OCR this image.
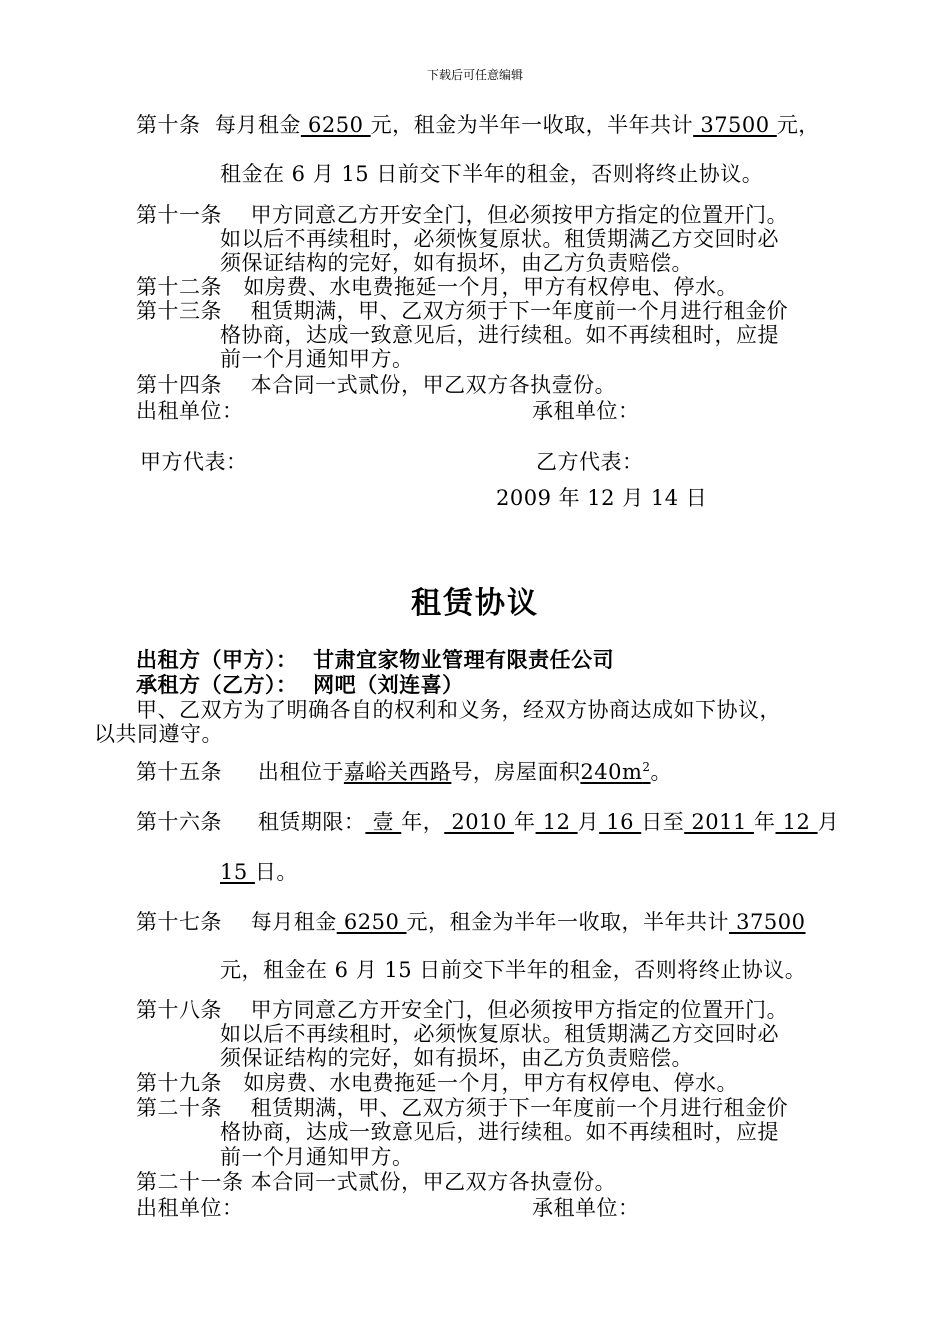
下载后可任意编辑
第十条 每月租金 6250 元，租金为半年一收取，半年共计 37500 元，
租金在 6 月 15 日前交下半年的租金，否则将终止协议。
第十一条　 甲方同意乙方开安全门，但必须按甲方指定的位置开门。
如以后不再续租时，必须恢复原状。租赁期满乙方交回时必
须保证结构的完好，如有损坏，由乙方负责赔偿。
第十二条　如房费、水电费拖延一个月，甲方有权停电、停水。
第十三条　 租赁期满，甲、乙双方须于下一年度前一个月进行租金价
格协商，达成一致意见后，进行续租。如不再续租时，应提
前一个月通知甲方。
第十四条　 本合同一式贰份，甲乙双方各执壹份。
出租单位：	承租单位：
甲方代表：	乙方代表：
2009 年 12 月 14 日
租赁协议
出租方（甲方）： 甘肃宜家物业管理有限责任公司
承租方（乙方）： 网吧（刘连喜）
甲、乙双方为了明确各自的权利和义务，经双方协商达成如下协议，
以共同遵守。
第十五条 出租位于嘉峪关西路号，房屋面积$240m^2$。
第十六条 租赁期限： 壹 年， 2010 年 12 月 16 日至 2011 年 12 月
15 日。
第十七条 每月租金 6250 元，租金为半年一收取，半年共计 37500
元，租金在 6 月 15 日前交下半年的租金，否则将终止协议。
第十八条　 甲方同意乙方开安全门，但必须按甲方指定的位置开门。
如以后不再续租时，必须恢复原状。租赁期满乙方交回时必
须保证结构的完好，如有损坏，由乙方负责赔偿。
第十九条　如房费、水电费拖延一个月，甲方有权停电、停水。
第二十条　 租赁期满，甲、乙双方须于下一年度前一个月进行租金价
格协商，达成一致意见后，进行续租。如不再续租时，应提
前一个月通知甲方。
第二十一条 本合同一式贰份，甲乙双方各执壹份。
出租单位：	承租单位：
